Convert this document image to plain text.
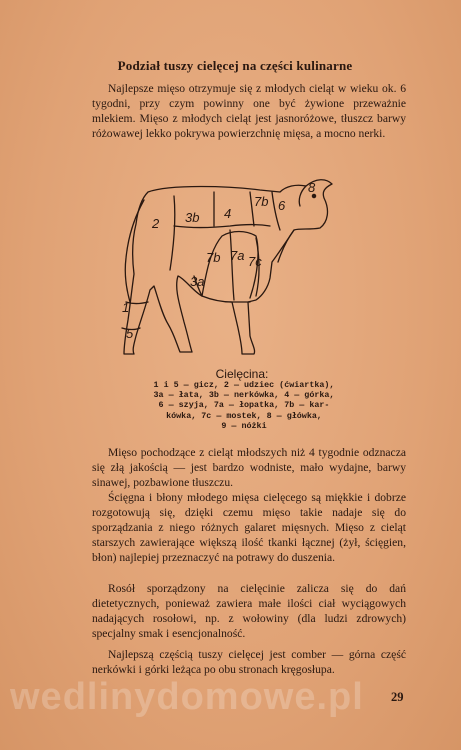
Podział tuszy cielęcej na części kulinarne

Najlepsze mięso otrzymuje się z młodych cieląt w wieku ok. 6 tygodni, przy czym powinny one być żywione przeważnie mlekiem. Mięso z młodych cieląt jest jasnoróżowe, tłuszcz barwy różowawej lekko pokrywa powierzchnię mięsa, a mocno nerki.

1
2 3b 4
7b 6
8
7a 7c
7b
3a
5
Cielęcina:
1 i 5 — gicz, 2 — udziec (ćwiartka),
3a — łata, 3b — nerkówka, 4 — górka,
6 — szyja, 7a — łopatka, 7b — kar-
kówka, 7c — mostek, 8 — główka,
9 — nóżki

Mięso pochodzące z cieląt młodszych niż 4 tygodnie odznacza się złą jakością — jest bardzo wodniste, mało wydajne, barwy sinawej, pozbawione tłuszczu.

Ścięgna i błony młodego mięsa cielęcego są miękkie i dobrze rozgotowują się, dzięki czemu mięso takie nadaje się do sporządzania z niego różnych galaret mięsnych. Mięso z cieląt starszych zawierające większą ilość tkanki łącznej (żył, ścięgien, błon) najlepiej przeznaczyć na potrawy do duszenia.

Rosół sporządzony na cielęcinie zalicza się do dań dietetycznych, ponieważ zawiera małe ilości ciał wyciągowych nadających rosołowi, np. z wołowiny (dla ludzi zdrowych) specjalny smak i esencjonalność.

Najlepszą częścią tuszy cielęcej jest comber — górna część nerkówki i górki leżąca po obu stronach kręgosłupa.

wedlinydomowe.pl	29
